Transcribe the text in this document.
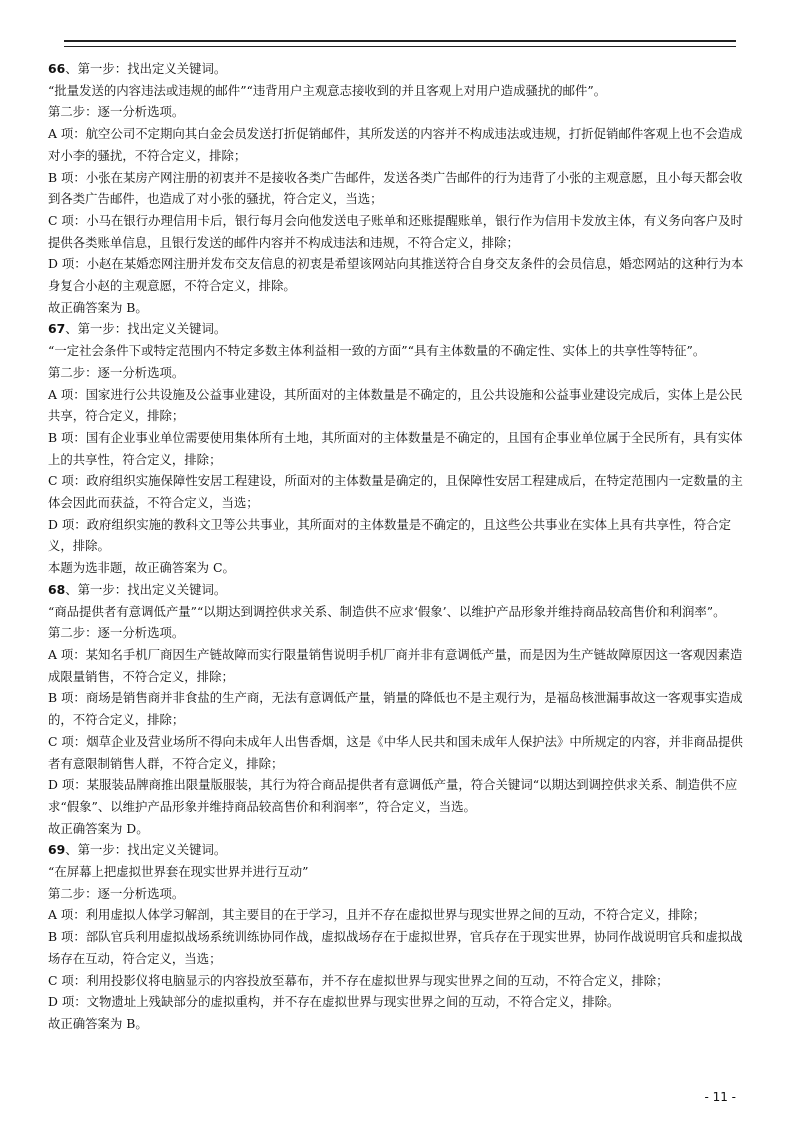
66、第一步：找出定义关键词。
“批量发送的内容违法或违规的邮件”“违背用户主观意志接收到的并且客观上对用户造成骚扰的邮件”。
第二步：逐一分析选项。
A 项：航空公司不定期向其白金会员发送打折促销邮件，其所发送的内容并不构成违法或违规，打折促销邮件客观上也不会造成对小李的骚扰，不符合定义，排除；
B 项：小张在某房产网注册的初衷并不是接收各类广告邮件，发送各类广告邮件的行为违背了小张的主观意愿，且小每天都会收到各类广告邮件，也造成了对小张的骚扰，符合定义，当选；
C 项：小马在银行办理信用卡后，银行每月会向他发送电子账单和还账提醒账单，银行作为信用卡发放主体，有义务向客户及时提供各类账单信息，且银行发送的邮件内容并不构成违法和违规，不符合定义，排除；
D 项：小赵在某婚恋网注册并发布交友信息的初衷是希望该网站向其推送符合自身交友条件的会员信息，婚恋网站的这种行为本身复合小赵的主观意愿，不符合定义，排除。
故正确答案为 B。
67、第一步：找出定义关键词。
“一定社会条件下或特定范围内不特定多数主体利益相一致的方面”“具有主体数量的不确定性、实体上的共享性等特征”。
第二步：逐一分析选项。
A 项：国家进行公共设施及公益事业建设，其所面对的主体数量是不确定的，且公共设施和公益事业建设完成后，实体上是公民共享，符合定义，排除；
B 项：国有企业事业单位需要使用集体所有土地，其所面对的主体数量是不确定的，且国有企事业单位属于全民所有，具有实体上的共享性，符合定义，排除；
C 项：政府组织实施保障性安居工程建设，所面对的主体数量是确定的，且保障性安居工程建成后，在特定范围内一定数量的主体会因此而获益，不符合定义，当选；
D 项：政府组织实施的教科文卫等公共事业，其所面对的主体数量是不确定的，且这些公共事业在实体上具有共享性，符合定义，排除。
本题为选非题，故正确答案为 C。
68、第一步：找出定义关键词。
“商品提供者有意调低产量”“以期达到调控供求关系、制造供不应求‘假象’、以维护产品形象并维持商品较高售价和利润率”。
第二步：逐一分析选项。
A 项：某知名手机厂商因生产链故障而实行限量销售说明手机厂商并非有意调低产量，而是因为生产链故障原因这一客观因素造成限量销售，不符合定义，排除；
B 项：商场是销售商并非食盐的生产商，无法有意调低产量，销量的降低也不是主观行为，是福岛核泄漏事故这一客观事实造成的，不符合定义，排除；
C 项：烟草企业及营业场所不得向未成年人出售香烟，这是《中华人民共和国未成年人保护法》中所规定的内容，并非商品提供者有意限制销售人群，不符合定义，排除；
D 项：某服装品牌商推出限量版服装，其行为符合商品提供者有意调低产量，符合关键词“以期达到调控供求关系、制造供不应求“假象”、以维护产品形象并维持商品较高售价和利润率”，符合定义，当选。
故正确答案为 D。
69、第一步：找出定义关键词。
“在屏幕上把虚拟世界套在现实世界并进行互动”
第二步：逐一分析选项。
A 项：利用虚拟人体学习解剖，其主要目的在于学习，且并不存在虚拟世界与现实世界之间的互动，不符合定义，排除；
B 项：部队官兵利用虚拟战场系统训练协同作战，虚拟战场存在于虚拟世界，官兵存在于现实世界，协同作战说明官兵和虚拟战场存在互动，符合定义，当选；
C 项：利用投影仪将电脑显示的内容投放至幕布，并不存在虚拟世界与现实世界之间的互动，不符合定义，排除；
D 项：文物遗址上残缺部分的虚拟重构，并不存在虚拟世界与现实世界之间的互动，不符合定义，排除。
故正确答案为 B。
- 11 -
